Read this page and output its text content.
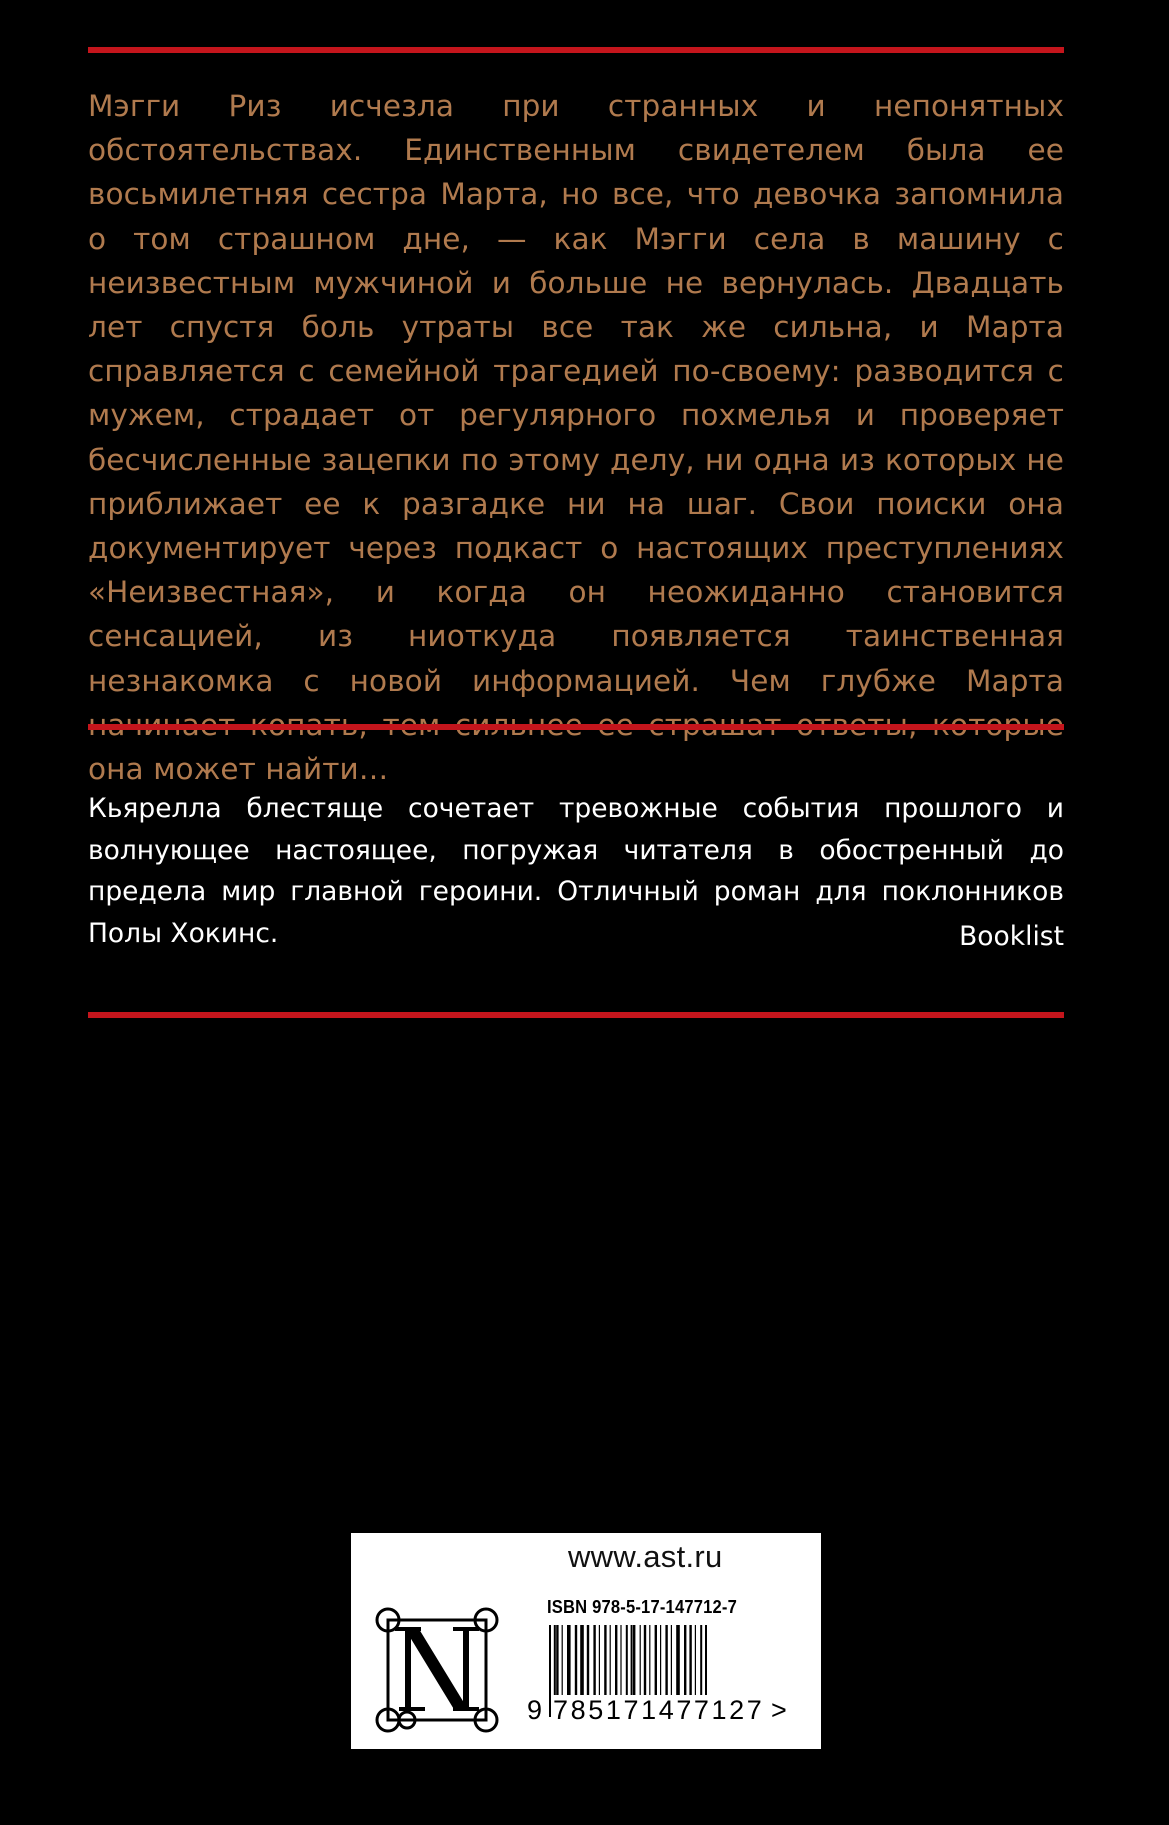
Мэгги Риз исчезла при странных и непонятных обстоятельствах. Единственным свидетелем была ее восьмилетняя сестра Марта, но все, что девочка запомнила о том страшном дне, — как Мэгги села в машину с неизвестным мужчиной и больше не вернулась. Двадцать лет спустя боль утраты все так же сильна, и Марта справляется с семейной трагедией по-своему: разводится с мужем, страдает от регулярного похмелья и проверяет бесчисленные зацепки по этому делу, ни одна из которых не приближает ее к разгадке ни на шаг. Свои поиски она документирует через подкаст о настоящих преступлениях «Неизвестная», и когда он неожиданно становится сенсацией, из ниоткуда появляется таинственная незнакомка с новой информацией. Чем глубже Марта она может найти…

Кьярелла блестяще сочетает тревожные события прошлого и волнующее настоящее, погружая читателя в обостренный до предела мир главной героини. Отличный роман для поклонников Полы Хокинс.	Booklist

www.ast.ru
ISBN 978-5-17-147712-7
9 785171477127 >
